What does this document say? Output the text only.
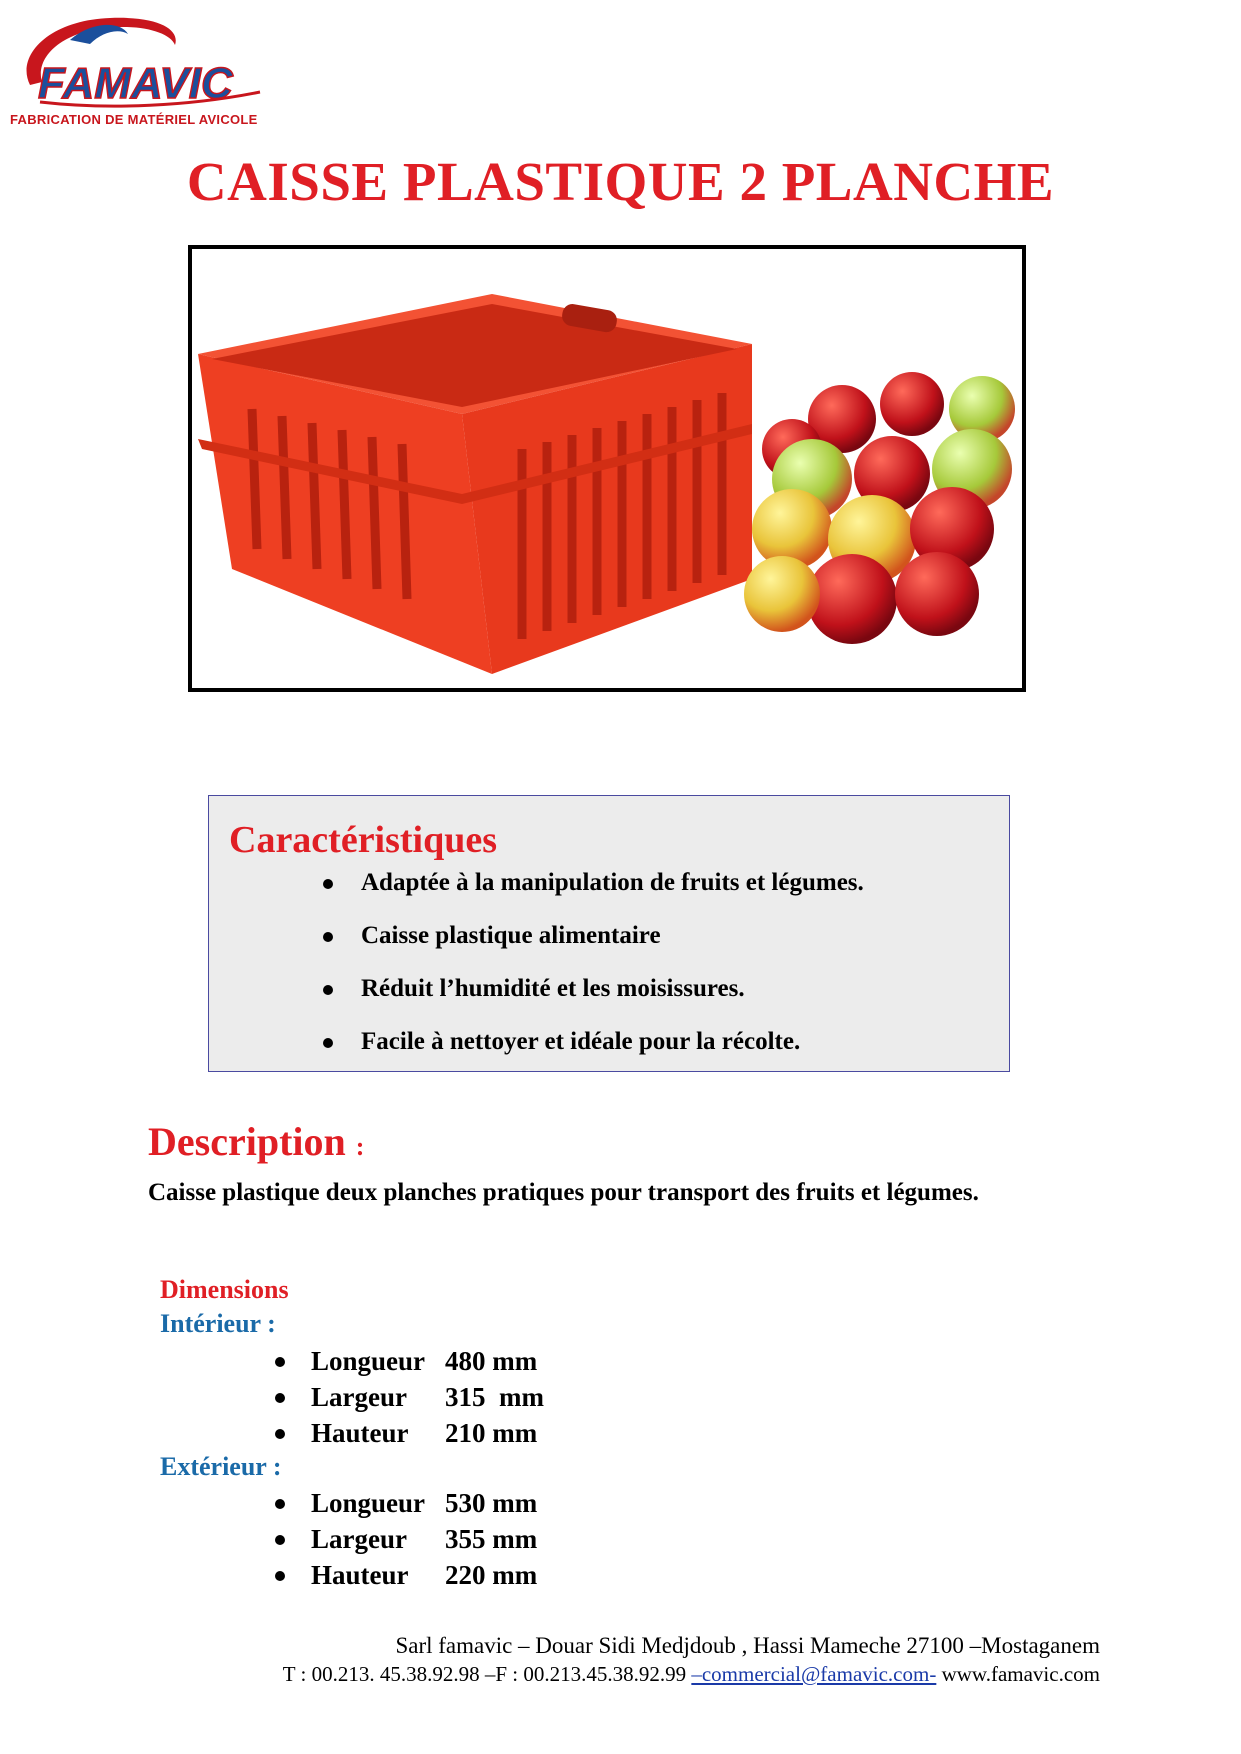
FAMAVIC
FABRICATION DE MATÉRIEL AVICOLE
CAISSE PLASTIQUE 2 PLANCHE
Caractéristiques
Adaptée à la manipulation de fruits et légumes.
Caisse plastique alimentaire
Réduit l’humidité et les moisissures.
Facile à nettoyer et idéale pour la récolte.
Description :
Caisse plastique deux planches pratiques pour transport des fruits et légumes.
Dimensions
Intérieur :
Longueur 480 mm
Largeur 315  mm
Hauteur 210 mm
Extérieur :
Longueur 530 mm
Largeur 355 mm
Hauteur 220 mm
Sarl famavic – Douar Sidi Medjdoub , Hassi Mameche 27100 –Mostaganem
T : 00.213. 45.38.92.98 –F : 00.213.45.38.92.99 –commercial@famavic.com- www.famavic.com
